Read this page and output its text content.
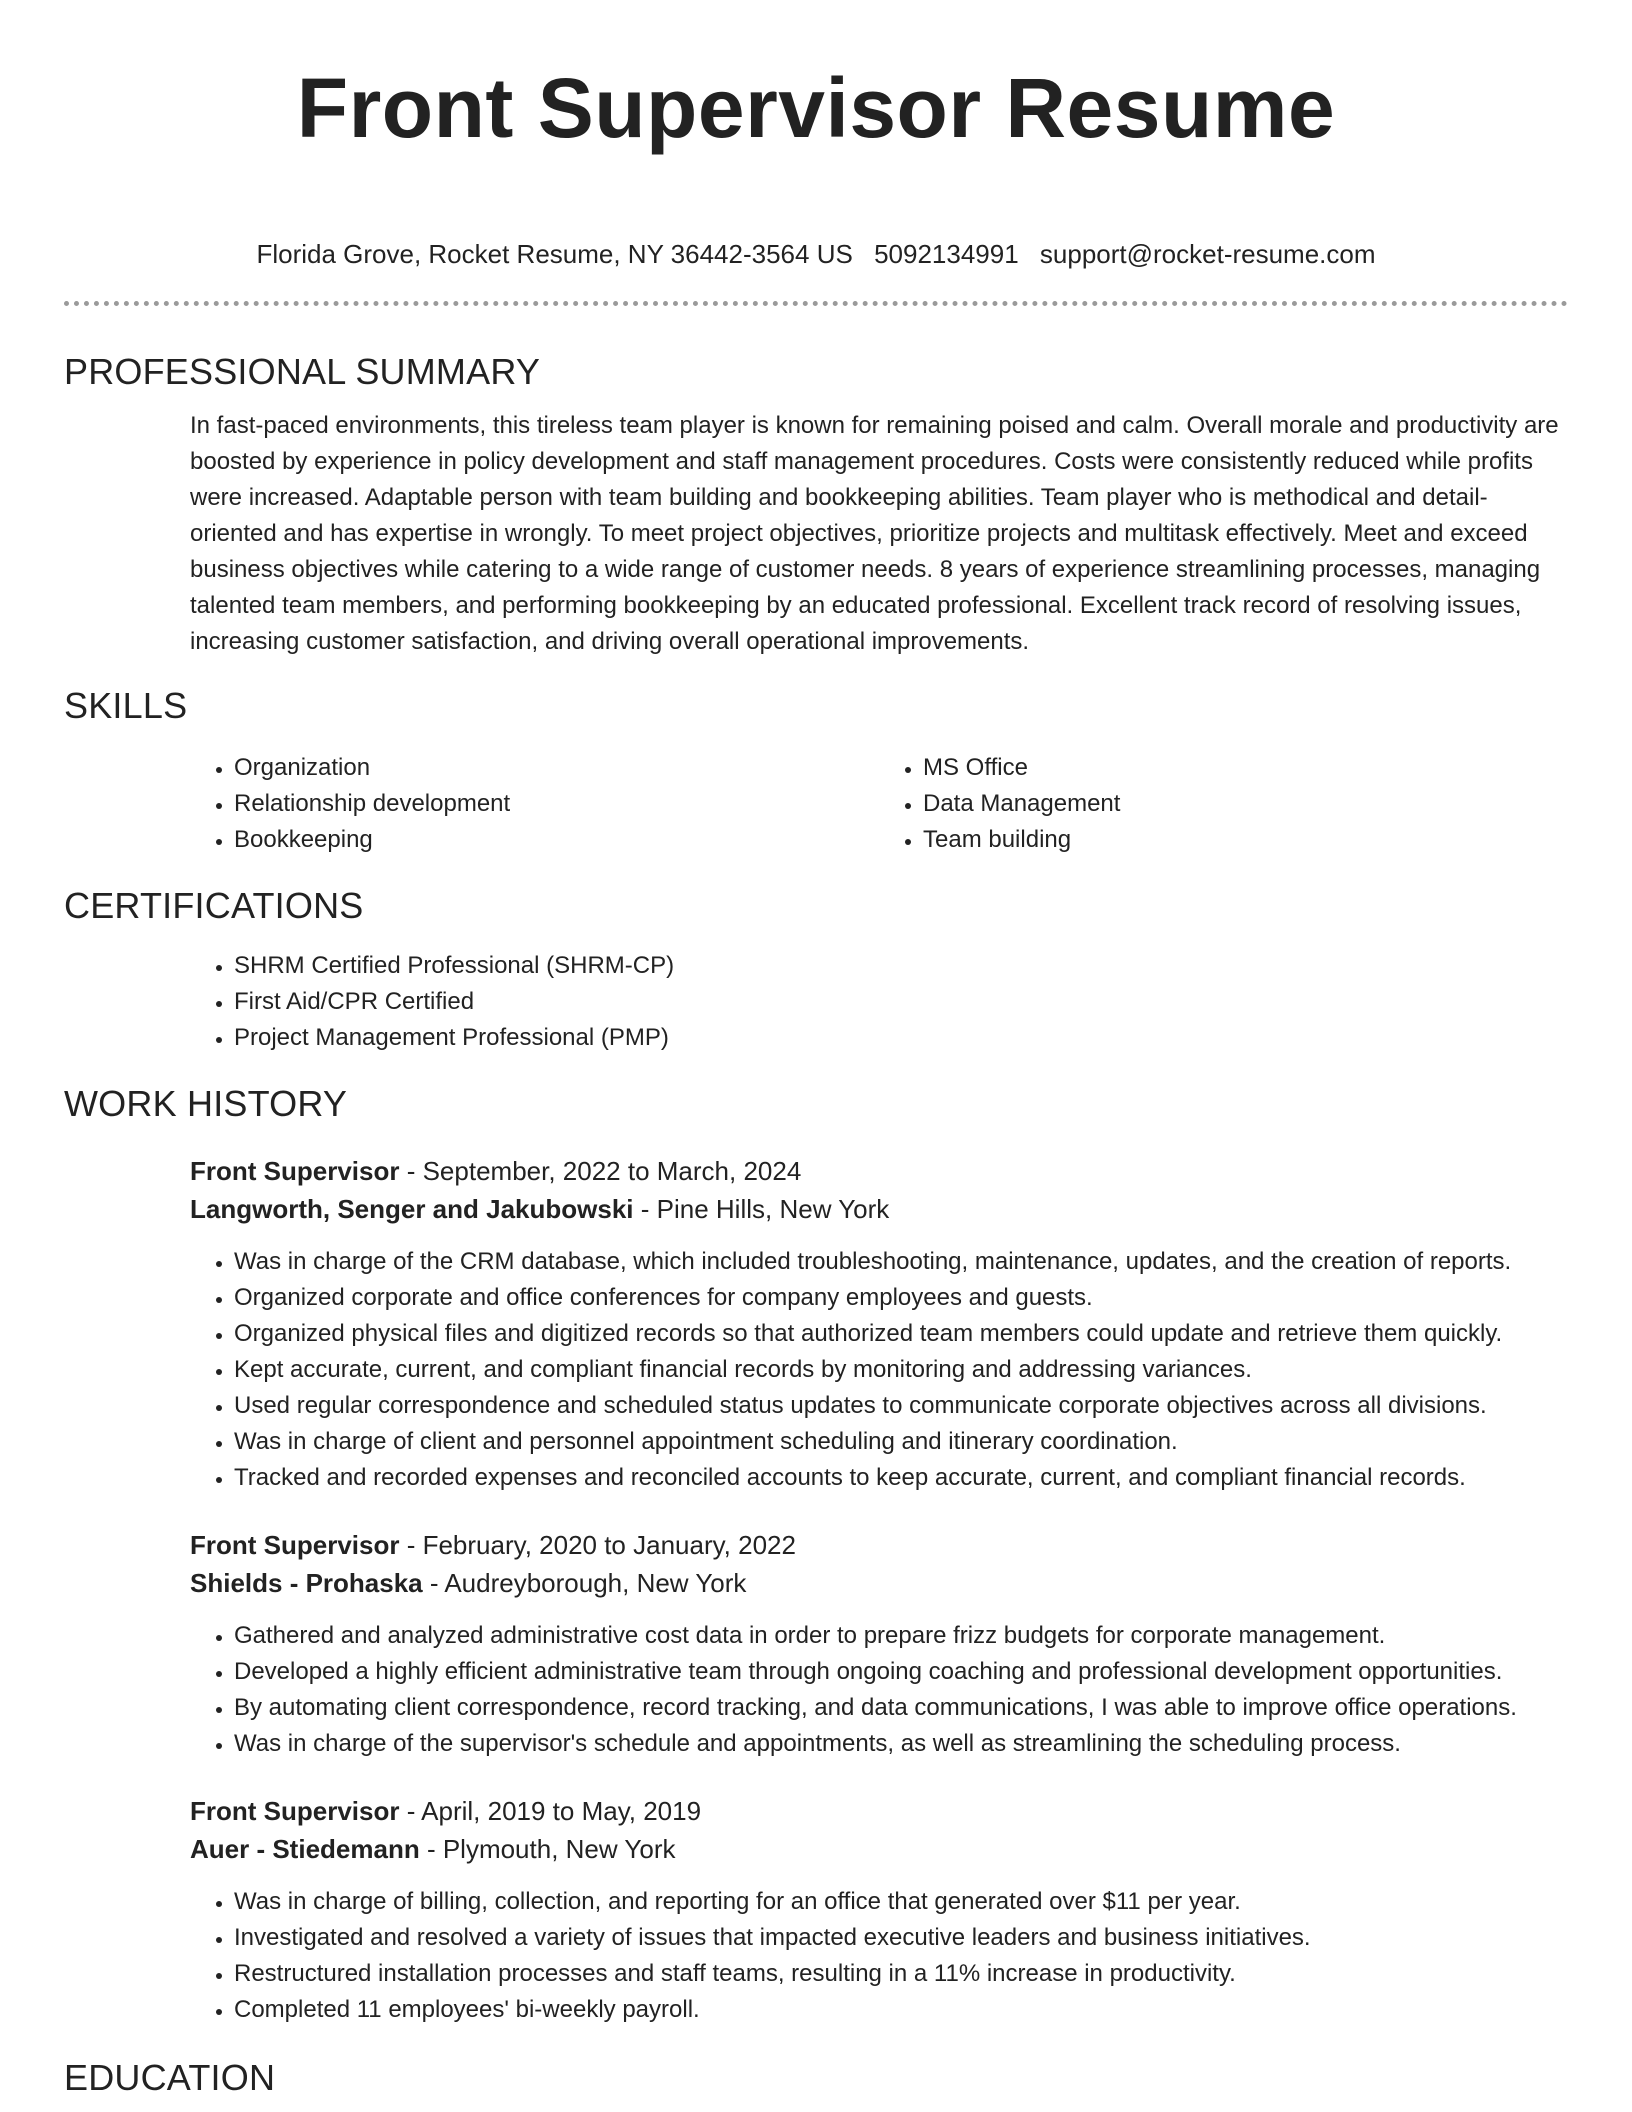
Front Supervisor Resume
Florida Grove, Rocket Resume, NY 36442-3564 US 5092134991 support@rocket-resume.com
PROFESSIONAL SUMMARY
In fast-paced environments, this tireless team player is known for remaining poised and calm. Overall morale and productivity are boosted by experience in policy development and staff management procedures. Costs were consistently reduced while profits were increased. Adaptable person with team building and bookkeeping abilities. Team player who is methodical and detail-oriented and has expertise in wrongly. To meet project objectives, prioritize projects and multitask effectively. Meet and exceed business objectives while catering to a wide range of customer needs. 8 years of experience streamlining processes, managing talented team members, and performing bookkeeping by an educated professional. Excellent track record of resolving issues, increasing customer satisfaction, and driving overall operational improvements.
SKILLS
• Organization
• Relationship development
• Bookkeeping
• MS Office
• Data Management
• Team building
CERTIFICATIONS
• SHRM Certified Professional (SHRM-CP)
• First Aid/CPR Certified
• Project Management Professional (PMP)
WORK HISTORY
Front Supervisor - September, 2022 to March, 2024
Langworth, Senger and Jakubowski - Pine Hills, New York
• Was in charge of the CRM database, which included troubleshooting, maintenance, updates, and the creation of reports.
• Organized corporate and office conferences for company employees and guests.
• Organized physical files and digitized records so that authorized team members could update and retrieve them quickly.
• Kept accurate, current, and compliant financial records by monitoring and addressing variances.
• Used regular correspondence and scheduled status updates to communicate corporate objectives across all divisions.
• Was in charge of client and personnel appointment scheduling and itinerary coordination.
• Tracked and recorded expenses and reconciled accounts to keep accurate, current, and compliant financial records.
Front Supervisor - February, 2020 to January, 2022
Shields - Prohaska - Audreyborough, New York
• Gathered and analyzed administrative cost data in order to prepare frizz budgets for corporate management.
• Developed a highly efficient administrative team through ongoing coaching and professional development opportunities.
• By automating client correspondence, record tracking, and data communications, I was able to improve office operations.
• Was in charge of the supervisor's schedule and appointments, as well as streamlining the scheduling process.
Front Supervisor - April, 2019 to May, 2019
Auer - Stiedemann - Plymouth, New York
• Was in charge of billing, collection, and reporting for an office that generated over $11 per year.
• Investigated and resolved a variety of issues that impacted executive leaders and business initiatives.
• Restructured installation processes and staff teams, resulting in a 11% increase in productivity.
• Completed 11 employees' bi-weekly payroll.
EDUCATION
